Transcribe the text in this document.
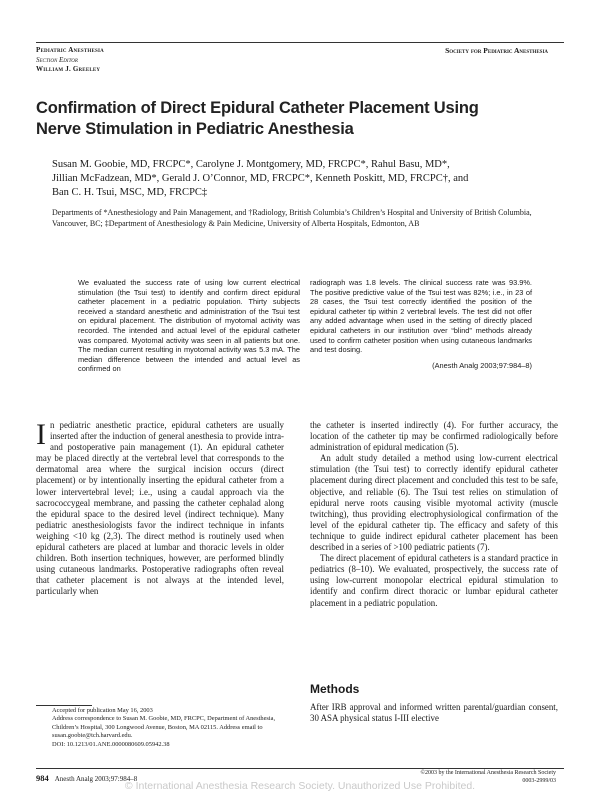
Pediatric Anesthesia
Section Editor
William J. Greeley
Society for Pediatric Anesthesia
Confirmation of Direct Epidural Catheter Placement Using
Nerve Stimulation in Pediatric Anesthesia
Susan M. Goobie, MD, FRCPC*, Carolyne J. Montgomery, MD, FRCPC*, Rahul Basu, MD*,
Jillian McFadzean, MD*, Gerald J. O’Connor, MD, FRCPC*, Kenneth Poskitt, MD, FRCPC†, and
Ban C. H. Tsui, MSC, MD, FRCPC‡
Departments of *Anesthesiology and Pain Management, and †Radiology, British Columbia’s Children’s Hospital and University of British Columbia, Vancouver, BC; ‡Department of Anesthesiology & Pain Medicine, University of Alberta Hospitals, Edmonton, AB
We evaluated the success rate of using low current electrical stimulation (the Tsui test) to identify and confirm direct epidural catheter placement in a pediatric population. Thirty subjects received a standard anesthetic and administration of the Tsui test on epidural placement. The distribution of myotomal activity was recorded. The intended and actual level of the epidural catheter was compared. Myotomal activity was seen in all patients but one. The median current resulting in myotomal activity was 5.3 mA. The median difference between the intended and actual level as confirmed on
radiograph was 1.8 levels. The clinical success rate was 93.9%. The positive predictive value of the Tsui test was 82%; i.e., in 23 of 28 cases, the Tsui test correctly identified the position of the epidural catheter tip within 2 vertebral levels. The test did not offer any added advantage when used in the setting of directly placed epidural catheters in our institution over “blind” methods already used to confirm catheter position when using cutaneous landmarks and test dosing.
(Anesth Analg 2003;97:984–8)
In pediatric anesthetic practice, epidural catheters are usually inserted after the induction of general anesthesia to provide intra- and postoperative pain management (1). An epidural catheter may be placed directly at the vertebral level that corresponds to the dermatomal area where the surgical incision occurs (direct placement) or by intentionally inserting the epidural catheter from a lower intervertebral level; i.e., using a caudal approach via the sacrococcygeal membrane, and passing the catheter cephalad along the epidural space to the desired level (indirect technique). Many pediatric anesthesiologists favor the indirect technique in infants weighing <10 kg (2,3). The direct method is routinely used when epidural catheters are placed at lumbar and thoracic levels in older children. Both insertion techniques, however, are performed blindly using cutaneous landmarks. Postoperative radiographs often reveal that catheter placement is not always at the intended level, particularly when

the catheter is inserted indirectly (4). For further accuracy, the location of the catheter tip may be confirmed radiologically before administration of epidural medication (5).

An adult study detailed a method using low-current electrical stimulation (the Tsui test) to correctly identify epidural catheter placement during direct placement and concluded this test to be safe, objective, and reliable (6). The Tsui test relies on stimulation of epidural nerve roots causing visible myotomal activity (muscle twitching), thus providing electrophysiological confirmation of the level of the epidural catheter tip. The efficacy and safety of this technique to guide indirect epidural catheter placement has been described in a series of >100 pediatric patients (7).

The direct placement of epidural catheters is a standard practice in pediatrics (8–10). We evaluated, prospectively, the success rate of using low-current monopolar electrical epidural stimulation to identify and confirm direct thoracic or lumbar epidural catheter placement in a pediatric population.

Methods
After IRB approval and informed written parental/guardian consent, 30 ASA physical status I-III elective
Accepted for publication May 16, 2003
Address correspondence to Susan M. Goobie, MD, FRCPC, Department of Anesthesia, Children’s Hospital, 300 Longwood Avenue, Boston, MA 02115. Address email to susan.goobie@tch.harvard.edu.
DOI: 10.1213/01.ANE.0000080609.05942.38
984 Anesth Analg 2003;97:984–8
©2003 by the International Anesthesia Research Society
0003-2999/03
© International Anesthesia Research Society. Unauthorized Use Prohibited.
